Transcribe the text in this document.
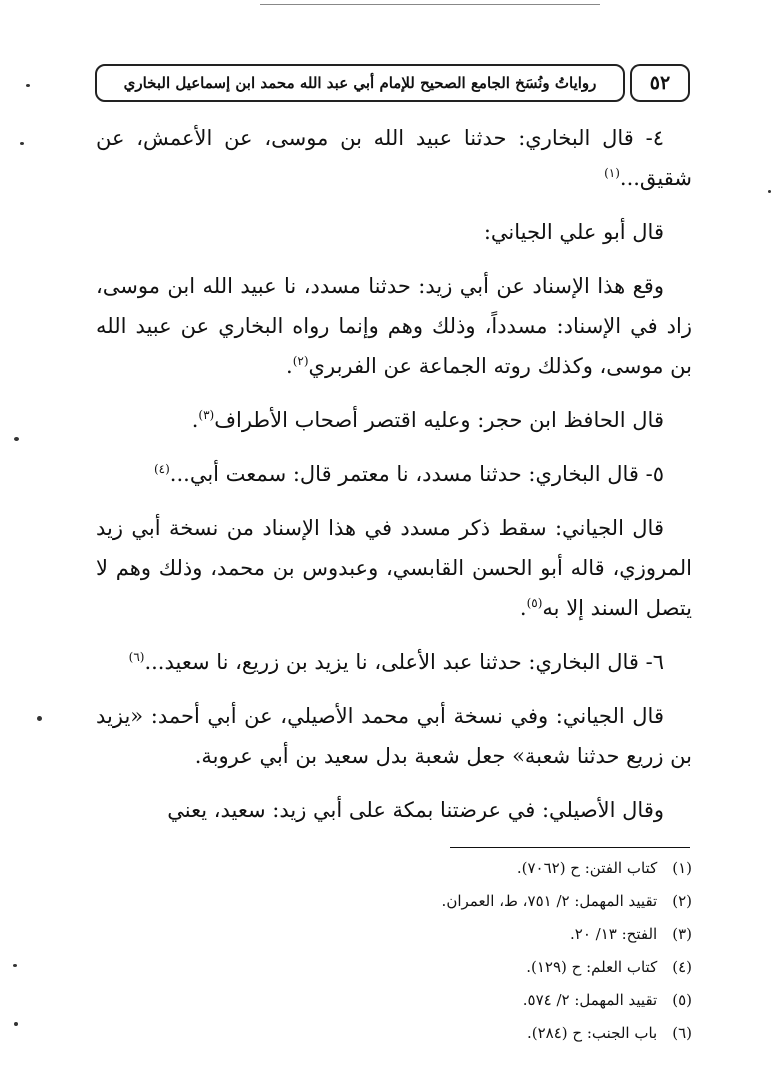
٥٢
رواياتُ ونُسَخ الجامع الصحيح للإمام أبي عبد الله محمد ابن إسماعيل البخاري

٤- قال البخاري: حدثنا عبيد الله بن موسى، عن الأعمش، عن شقيق...$^{(١)}$

قال أبو علي الجياني:

وقع هذا الإسناد عن أبي زيد: حدثنا مسدد، نا عبيد الله ابن موسى، زاد في الإسناد: مسدداً، وذلك وهم وإنما رواه البخاري عن عبيد الله بن موسى، وكذلك روته الجماعة عن الفربري$^{(٢)}$.

قال الحافظ ابن حجر: وعليه اقتصر أصحاب الأطراف$^{(٣)}$.

٥- قال البخاري: حدثنا مسدد، نا معتمر قال: سمعت أبي...$^{(٤)}$

قال الجياني: سقط ذكر مسدد في هذا الإسناد من نسخة أبي زيد المروزي، قاله أبو الحسن القابسي، وعبدوس بن محمد، وذلك وهم لا يتصل السند إلا به$^{(٥)}$.

٦- قال البخاري: حدثنا عبد الأعلى، نا يزيد بن زريع، نا سعيد...$^{(٦)}$

قال الجياني: وفي نسخة أبي محمد الأصيلي، عن أبي أحمد: «يزيد بن زريع حدثنا شعبة» جعل شعبة بدل سعيد بن أبي عروبة.

وقال الأصيلي: في عرضتنا بمكة على أبي زيد: سعيد، يعني

(١) كتاب الفتن: ح (٧٠٦٢).
(٢) تقييد المهمل: ٢/ ٧٥١، ط، العمران.
(٣) الفتح: ١٣/ ٢٠.
(٤) كتاب العلم: ح (١٢٩).
(٥) تقييد المهمل: ٢/ ٥٧٤.
(٦) باب الجنب: ح (٢٨٤).
